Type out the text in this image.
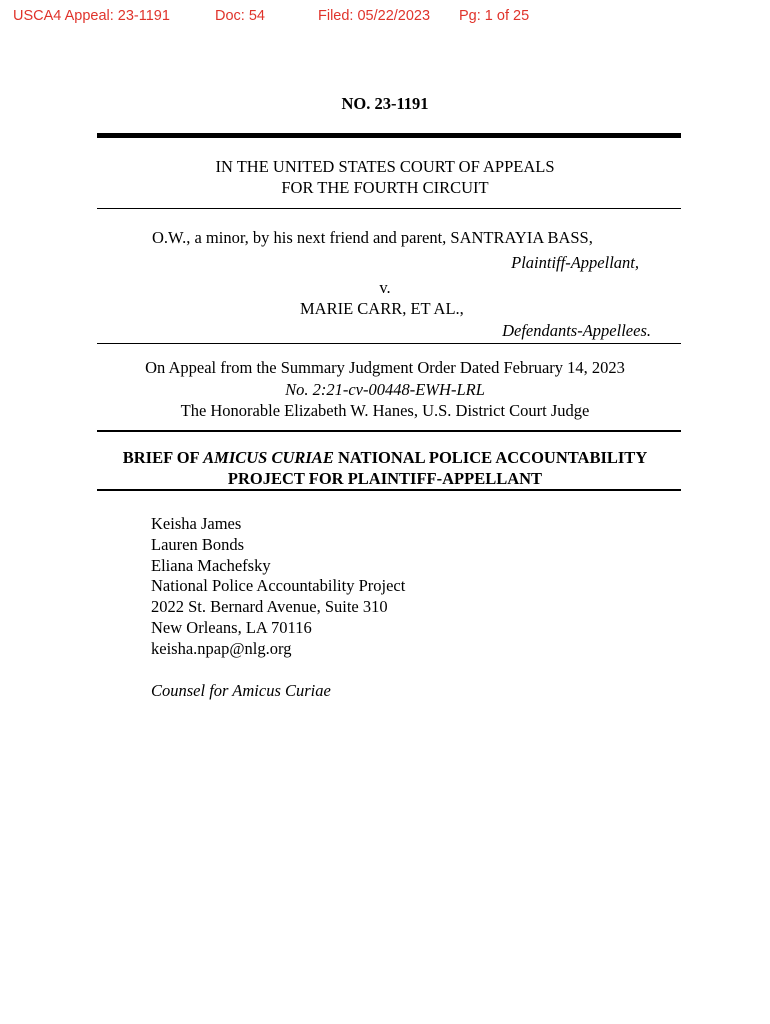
USCA4 Appeal: 23-1191	Doc: 54	Filed: 05/22/2023 Pg: 1 of 25
NO. 23-1191
IN THE UNITED STATES COURT OF APPEALS
FOR THE FOURTH CIRCUIT
O.W., a minor, by his next friend and parent, SANTRAYIA BASS,
Plaintiff-Appellant,
v.
MARIE CARR, ET AL.,
Defendants-Appellees.
On Appeal from the Summary Judgment Order Dated February 14, 2023
No. 2:21-cv-00448-EWH-LRL
The Honorable Elizabeth W. Hanes, U.S. District Court Judge
BRIEF OF AMICUS CURIAE NATIONAL POLICE ACCOUNTABILITY
PROJECT FOR PLAINTIFF-APPELLANT
Keisha James
Lauren Bonds
Eliana Machefsky
National Police Accountability Project
2022 St. Bernard Avenue, Suite 310
New Orleans, LA 70116
keisha.npap@nlg.org
Counsel for Amicus Curiae
